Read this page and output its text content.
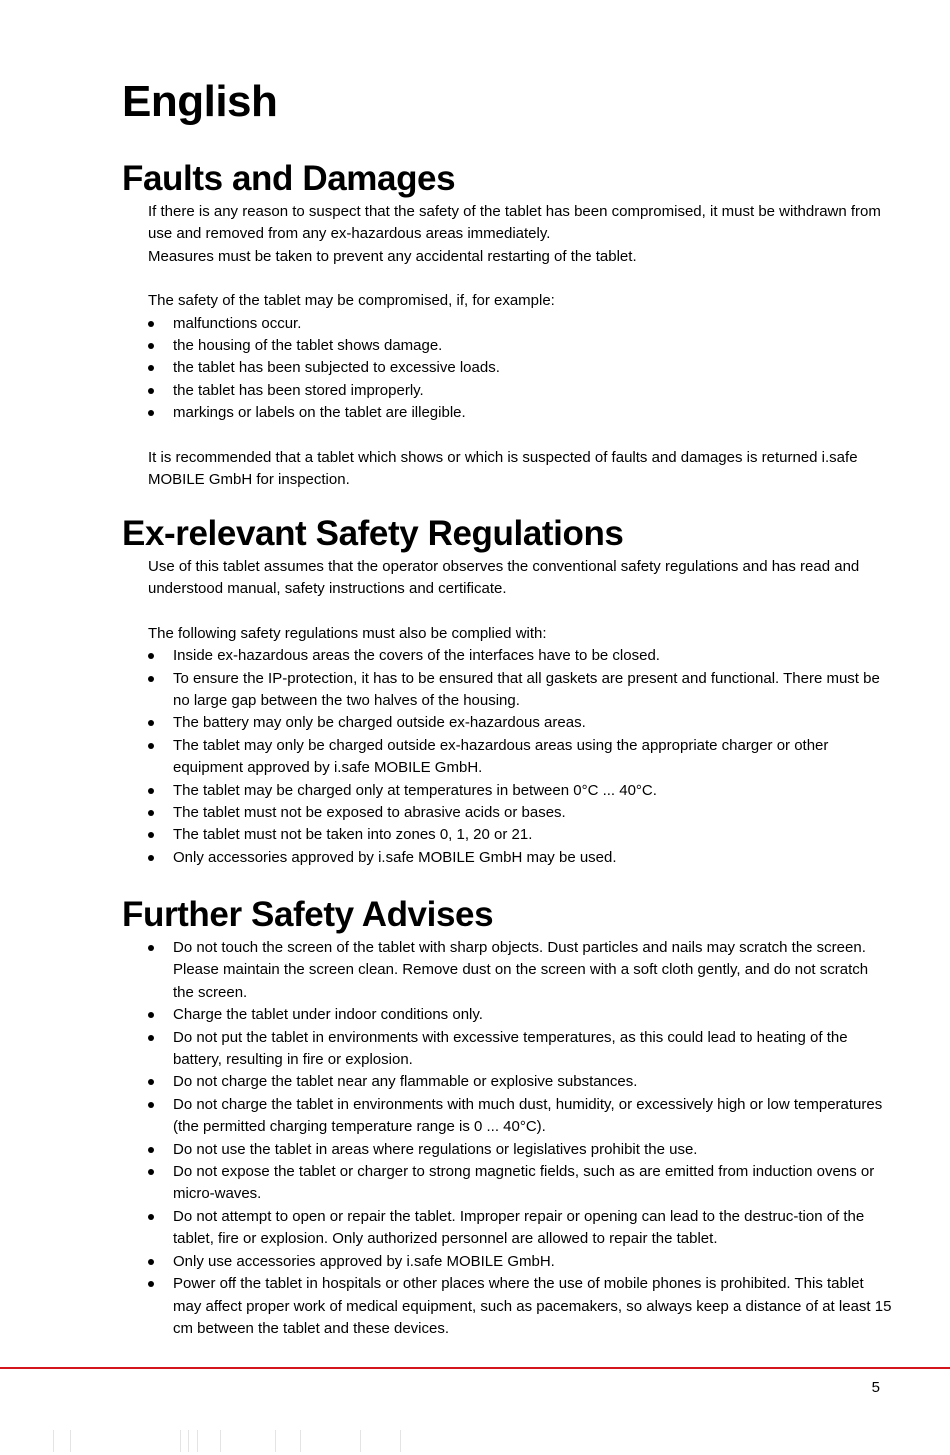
English
Faults and Damages

If there is any reason to suspect that the safety of the tablet has been compromised, it must be withdrawn from use and removed from any ex-hazardous areas immediately.

Measures must be taken to prevent any accidental restarting of the tablet.

The safety of the tablet may be compromised, if, for example:

malfunctions occur.
the housing of the tablet shows damage.
the tablet has been subjected to excessive loads.
the tablet has been stored improperly.
markings or labels on the tablet are illegible.

It is recommended that a tablet which shows or which is suspected of faults and damages is returned i.safe MOBILE GmbH for inspection.

Ex-relevant Safety Regulations

Use of this tablet assumes that the operator observes the conventional safety regulations and has read and understood manual, safety instructions and certificate.

The following safety regulations must also be complied with:

Inside ex-hazardous areas the covers of the interfaces have to be closed.
To ensure the IP-protection, it has to be ensured that all gaskets are present and functional. There must be no large gap between the two halves of the housing.
The battery may only be charged outside ex-hazardous areas.
The tablet may only be charged outside ex-hazardous areas using the appropriate charger or other equipment approved by i.safe MOBILE GmbH.
The tablet may be charged only at temperatures in between 0°C ... 40°C.
The tablet must not be exposed to abrasive acids or bases.
The tablet must not be taken into zones 0, 1, 20 or 21.
Only accessories approved by i.safe MOBILE GmbH may be used.
Further Safety Advises
Do not touch the screen of the tablet with sharp objects. Dust particles and nails may scratch the screen. Please maintain the screen clean. Remove dust on the screen with a soft cloth gently, and do not scratch the screen.
Charge the tablet under indoor conditions only.
Do not put the tablet in environments with excessive temperatures, as this could lead to heating of the battery, resulting in fire or explosion.
Do not charge the tablet near any flammable or explosive substances.
Do not charge the tablet in environments with much dust, humidity, or excessively high or low temperatures (the permitted charging temperature range is 0 ... 40°C).
Do not use the tablet in areas where regulations or legislatives prohibit the use.
Do not expose the tablet or charger to strong magnetic fields, such as are emitted from induction ovens or micro-waves.
Do not attempt to open or repair the tablet. Improper repair or opening can lead to the destruc-tion of the tablet, fire or explosion. Only authorized personnel are allowed to repair the tablet.
Only use accessories approved by i.safe MOBILE GmbH.
Power off the tablet in hospitals or other places where the use of mobile phones is prohibited. This tablet may affect proper work of medical equipment, such as pacemakers, so always keep a distance of at least 15 cm between the tablet and these devices.
5
